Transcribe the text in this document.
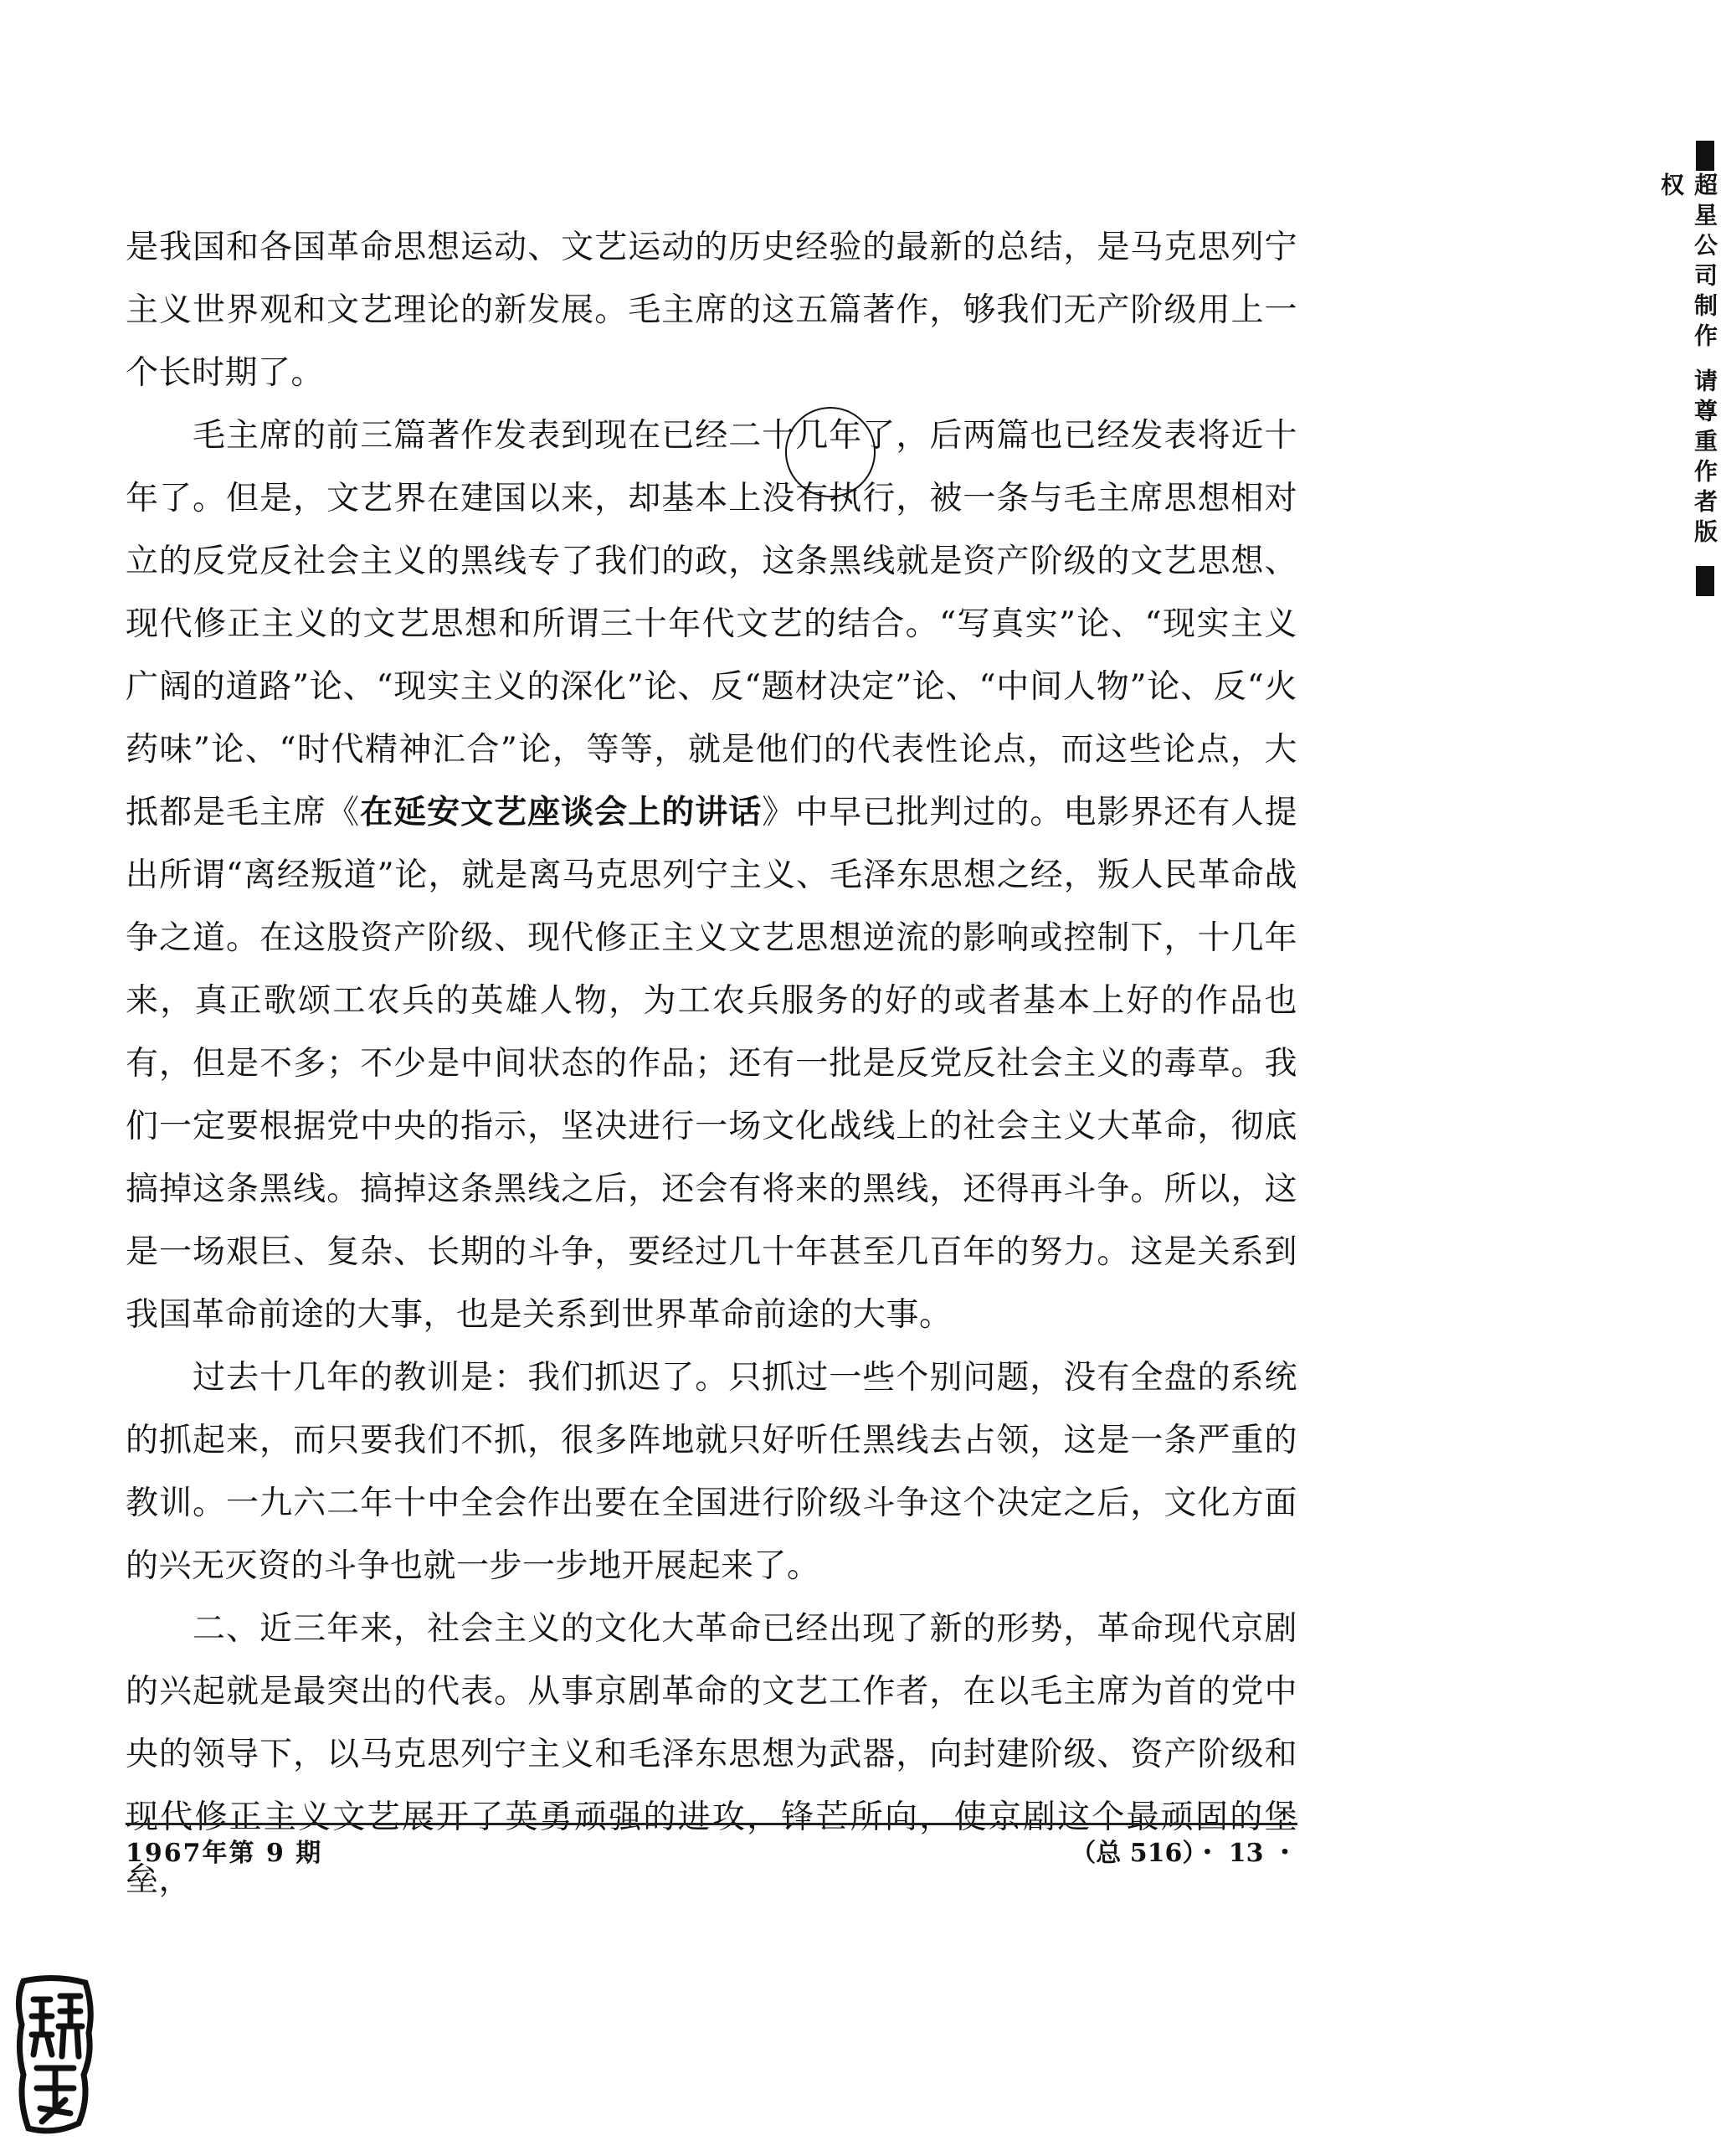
是我国和各国革命思想运动、文艺运动的历史经验的最新的总结，是马克思列宁主义世界观和文艺理论的新发展。毛主席的这五篇著作，够我们无产阶级用上一个长时期了。

毛主席的前三篇著作发表到现在已经二十几年了，后两篇也已经发表将近十年了。但是，文艺界在建国以来，却基本上没有执行，被一条与毛主席思想相对立的反党反社会主义的黑线专了我们的政，这条黑线就是资产阶级的文艺思想、现代修正主义的文艺思想和所谓三十年代文艺的结合。“写真实”论、“现实主义广阔的道路”论、“现实主义的深化”论、反“题材决定”论、“中间人物”论、反“火药味”论、“时代精神汇合”论，等等，就是他们的代表性论点，而这些论点，大抵都是毛主席《在延安文艺座谈会上的讲话》中早已批判过的。电影界还有人提出所谓“离经叛道”论，就是离马克思列宁主义、毛泽东思想之经，叛人民革命战争之道。在这股资产阶级、现代修正主义文艺思想逆流的影响或控制下，十几年来，真正歌颂工农兵的英雄人物，为工农兵服务的好的或者基本上好的作品也有，但是不多；不少是中间状态的作品；还有一批是反党反社会主义的毒草。我们一定要根据党中央的指示，坚决进行一场文化战线上的社会主义大革命，彻底搞掉这条黑线。搞掉这条黑线之后，还会有将来的黑线，还得再斗争。所以，这是一场艰巨、复杂、长期的斗争，要经过几十年甚至几百年的努力。这是关系到我国革命前途的大事，也是关系到世界革命前途的大事。

过去十几年的教训是：我们抓迟了。只抓过一些个别问题，没有全盘的系统的抓起来，而只要我们不抓，很多阵地就只好听任黑线去占领，这是一条严重的教训。一九六二年十中全会作出要在全国进行阶级斗争这个决定之后，文化方面的兴无灭资的斗争也就一步一步地开展起来了。

二、近三年来，社会主义的文化大革命已经出现了新的形势，革命现代京剧的兴起就是最突出的代表。从事京剧革命的文艺工作者，在以毛主席为首的党中央的领导下，以马克思列宁主义和毛泽东思想为武器，向封建阶级、资产阶级和现代修正主义文艺展开了英勇顽强的进攻，锋芒所向，使京剧这个最顽固的堡垒，

1967年第 9 期	（总 516）・ 13 ・
超星公司制作 请尊重作者版权
